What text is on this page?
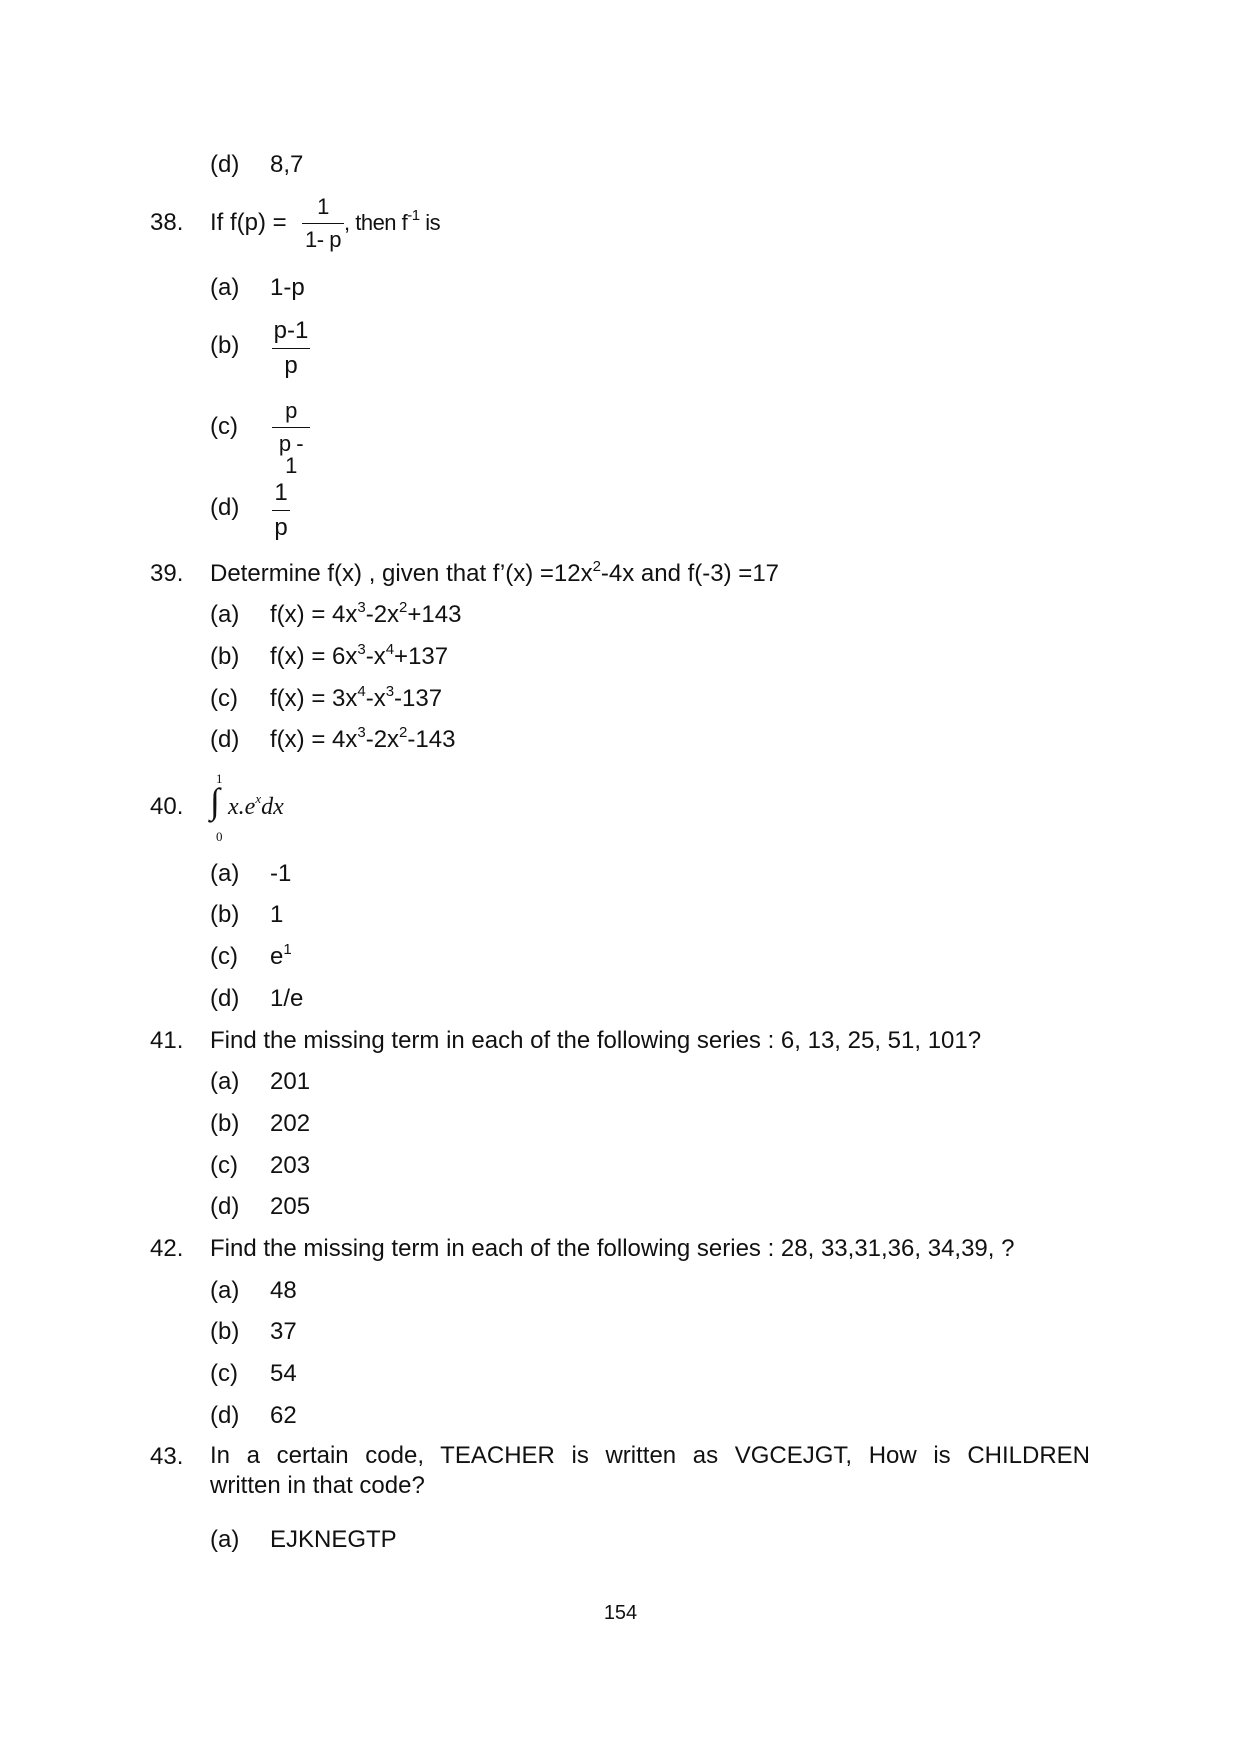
(d) 8,7
38. If f(p) =
1
1- p
, then $f^{-1}$ is
(a) 1-p
(b)
p-1
p
(c)
p
p - 1
(d)
1
p
39. Determine f(x) , given that f’(x) $=12x^2-4x$ and f(-3) =17
(a) $f(x) = 4x^3-2x^2+143$
(b) $f(x) = 6x^3-x^4+137$
(c) $f(x) = 3x^4-x^3-137$
(d) $f(x) = 4x^3-2x^2-143$
40.
1
∫
0
$x.e^xdx$
(a) -1
(b) 1
(c) $e^1$
(d) 1/e
41. Find the missing term in each of the following series : 6, 13, 25, 51, 101?
(a) 201
(b) 202
(c) 203
(d) 205
42. Find the missing term in each of the following series : 28, 33,31,36, 34,39, ?
(a) 48
(b) 37
(c) 54
(d) 62
43. In a certain code, TEACHER is written as VGCEJGT, How is CHILDREN
written in that code?
(a) EJKNEGTP
154
